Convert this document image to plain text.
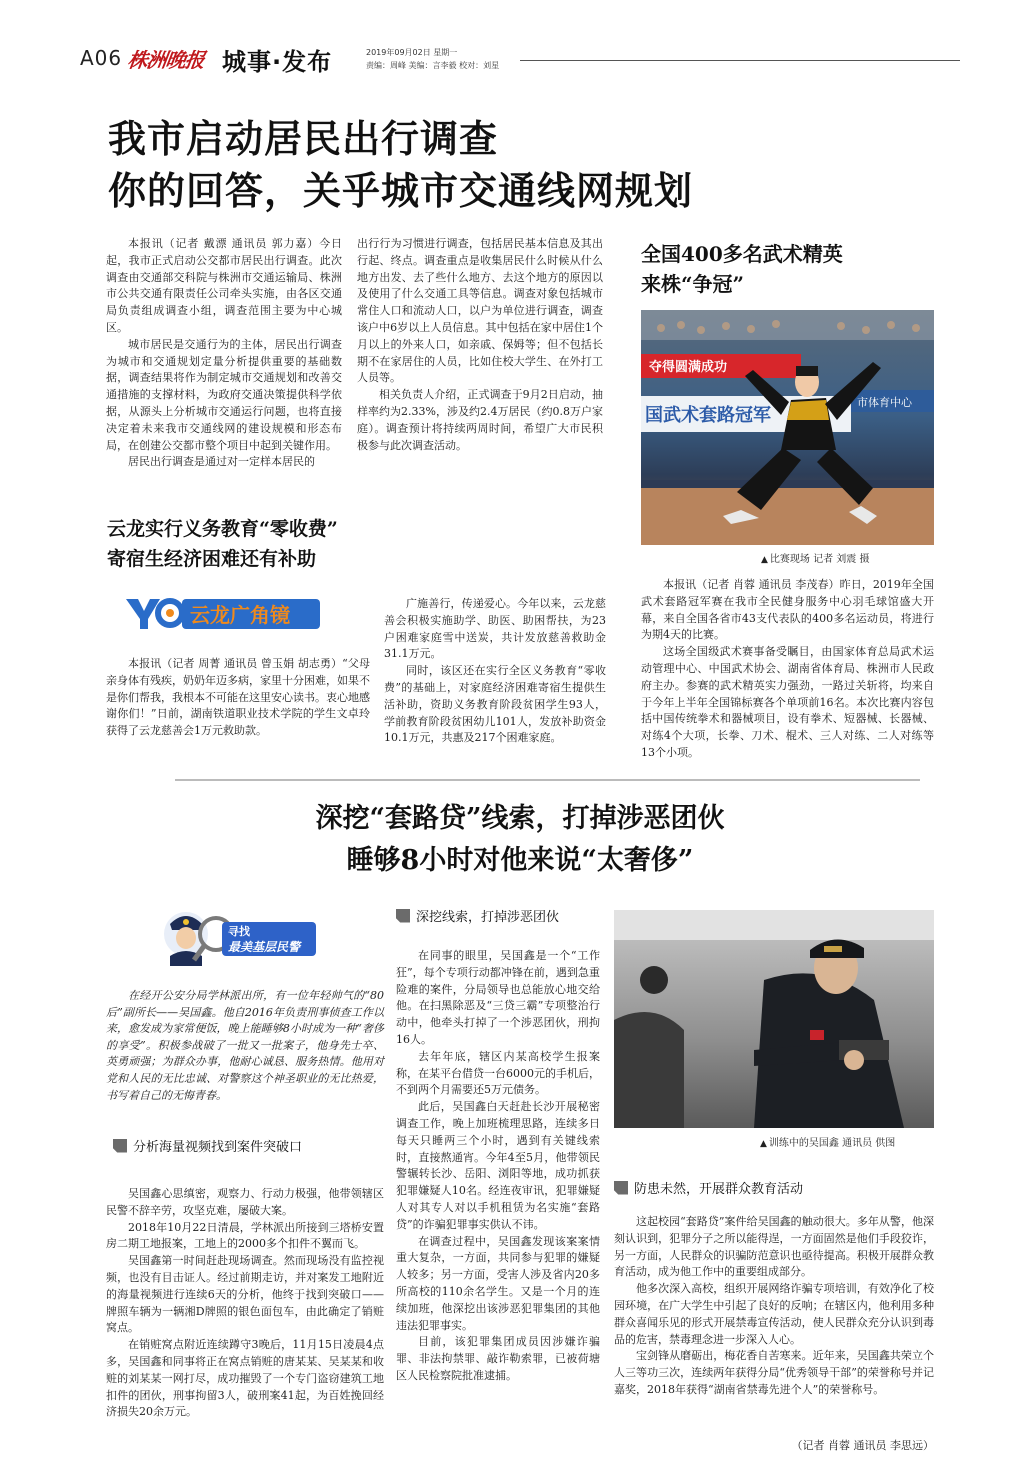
A06 株洲晚报 城事·发布	2019年09月02日 星期一
责编：周峰 美编：言李毅 校对：刘星
我市启动居民出行调查
你的回答，关乎城市交通线网规划

本报讯（记者 戴漂 通讯员 郭力嘉）今日起，我市正式启动公交都市居民出行调查。此次调查由交通部交科院与株洲市交通运输局、株洲市公共交通有限责任公司牵头实施，由各区交通局负责组成调查小组，调查范围主要为中心城区。

城市居民是交通行为的主体，居民出行调查为城市和交通规划定量分析提供重要的基础数据，调查结果将作为制定城市交通规划和改善交通措施的支撑材料，为政府交通决策提供科学依据，从源头上分析城市交通运行问题，也将直接决定着未来我市交通线网的建设规模和形态布局，在创建公交都市整个项目中起到关键作用。

居民出行调查是通过对一定样本居民的

出行行为习惯进行调查，包括居民基本信息及其出行起、终点。调查重点是收集居民什么时候从什么地方出发、去了些什么地方、去这个地方的原因以及使用了什么交通工具等信息。调查对象包括城市常住人口和流动人口，以户为单位进行调查，调查该户中6岁以上人员信息。其中包括在家中居住1个月以上的外来人口，如亲戚、保姆等；但不包括长期不在家居住的人员，比如住校大学生、在外打工人员等。

相关负责人介绍，正式调查于9月2日启动，抽样率约为2.33%，涉及约2.4万居民（约0.8万户家庭）。调查预计将持续两周时间，希望广大市民积极参与此次调查活动。

全国400多名武术精英
来株“争冠”
夺得圆满成功
国武术套路冠军
市体育中心
▲ 比赛现场 记者 刘震 摄

本报讯（记者 肖蓉 通讯员 李茂春）昨日，2019年全国武术套路冠军赛在我市全民健身服务中心羽毛球馆盛大开幕，来自全国各省市43支代表队的400多名运动员，将进行为期4天的比赛。

这场全国级武术赛事备受瞩目，由国家体育总局武术运动管理中心、中国武术协会、湖南省体育局、株洲市人民政府主办。参赛的武术精英实力强劲，一路过关斩将，均来自于今年上半年全国锦标赛各个单项前16名。本次比赛内容包括中国传统拳术和器械项目，设有拳术、短器械、长器械、对练4个大项，长拳、刀术、棍术、三人对练、二人对练等13个小项。

云龙实行义务教育“零收费”
寄宿生经济困难还有补助
云龙广角镜

本报讯（记者 周菁 通讯员 曾玉娟 胡志勇）“父母亲身体有残疾，奶奶年迈多病，家里十分困难，如果不是你们帮我，我根本不可能在这里安心读书。衷心地感谢你们！”日前，湖南铁道职业技术学院的学生文卓玲获得了云龙慈善会1万元救助款。

广施善行，传递爱心。今年以来，云龙慈善会积极实施助学、助医、助困帮扶，为23户困难家庭雪中送炭，共计发放慈善救助金31.1万元。

同时，该区还在实行全区义务教育“零收费”的基础上，对家庭经济困难寄宿生提供生活补助，资助义务教育阶段贫困学生93人，学前教育阶段贫困幼儿101人，发放补助资金10.1万元，共惠及217个困难家庭。

深挖“套路贷”线索，打掉涉恶团伙
睡够8小时对他来说“太奢侈”
寻找
最美基层民警

在经开公安分局学林派出所，有一位年轻帅气的“80后”副所长——吴国鑫。他自2016年负责刑事侦查工作以来，愈发成为家常便饭，晚上能睡够8小时成为一种“奢侈的享受”。积极参战破了一批又一批案子，他身先士卒、英勇顽强；为群众办事，他耐心诚恳、服务热情。他用对党和人民的无比忠诚、对警察这个神圣职业的无比热爱，书写着自己的无悔青春。

分析海量视频找到案件突破口

吴国鑫心思缜密，观察力、行动力极强，他带领辖区民警不辞辛劳，攻坚克难，屡破大案。

2018年10月22日清晨，学林派出所接到三塔桥安置房二期工地报案，工地上的2000多个扣件不翼而飞。

吴国鑫第一时间赶赴现场调查。然而现场没有监控视频，也没有目击证人。经过前期走访，并对案发工地附近的海量视频进行连续6天的分析，他终于找到突破口——牌照车辆为一辆湘D牌照的银色面包车，由此确定了销赃窝点。

在销赃窝点附近连续蹲守3晚后，11月15日凌晨4点多，吴国鑫和同事将正在窝点销赃的唐某某、吴某某和收赃的刘某某一网打尽，成功摧毁了一个专门盗窃建筑工地扣件的团伙，刑事拘留3人，破刑案41起，为百姓挽回经济损失20余万元。

深挖线索，打掉涉恶团伙

在同事的眼里，吴国鑫是一个“工作狂”，每个专项行动都冲锋在前，遇到急重险难的案件，分局领导也总能放心地交给他。在扫黑除恶及“三贷三霸”专项整治行动中，他牵头打掉了一个涉恶团伙，刑拘16人。

去年年底，辖区内某高校学生报案称，在某平台借贷一台6000元的手机后，不到两个月需要还5万元债务。

此后，吴国鑫白天赶赴长沙开展秘密调查工作，晚上加班梳理思路，连续多日每天只睡两三个小时，遇到有关键线索时，直接熬通宵。今年4至5月，他带领民警辗转长沙、岳阳、浏阳等地，成功抓获犯罪嫌疑人10名。经连夜审讯，犯罪嫌疑人对其专人对以手机租赁为名实施“套路贷”的诈骗犯罪事实供认不讳。

在调查过程中，吴国鑫发现该案案情重大复杂，一方面，共同参与犯罪的嫌疑人较多；另一方面，受害人涉及省内20多所高校的110余名学生。又是一个月的连续加班，他深挖出该涉恶犯罪集团的其他违法犯罪事实。

目前，该犯罪集团成员因涉嫌诈骗罪、非法拘禁罪、敲诈勒索罪，已被荷塘区人民检察院批准逮捕。

▲ 训练中的吴国鑫 通讯员 供图
防患未然，开展群众教育活动

这起校园“套路贷”案件给吴国鑫的触动很大。多年从警，他深刻认识到，犯罪分子之所以能得逞，一方面固然是他们手段狡诈，另一方面，人民群众的识骗防范意识也亟待提高。积极开展群众教育活动，成为他工作中的重要组成部分。

他多次深入高校，组织开展网络诈骗专项培训，有效净化了校园环境，在广大学生中引起了良好的反响；在辖区内，他利用多种群众喜闻乐见的形式开展禁毒宣传活动，使人民群众充分认识到毒品的危害，禁毒理念进一步深入人心。

宝剑锋从磨砺出，梅花香自苦寒来。近年来，吴国鑫共荣立个人三等功三次，连续两年获得分局“优秀领导干部”的荣誉称号并记嘉奖，2018年获得“湖南省禁毒先进个人”的荣誉称号。

（记者 肖蓉 通讯员 李思远）
